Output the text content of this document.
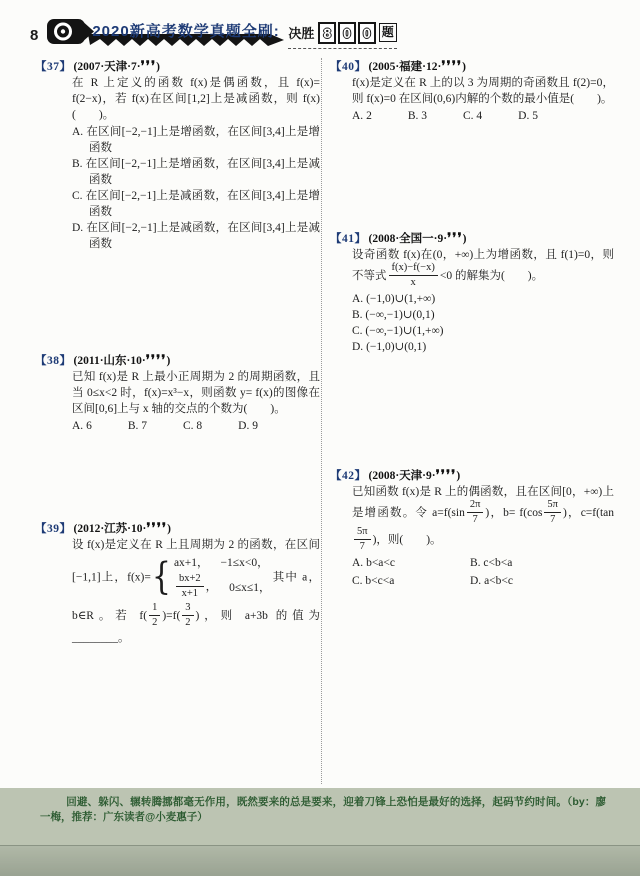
8	2020新高考数学真题全刷: 决胜 8 0 0 题
【37】 (2007·天津·7·❜❜❜)
在 R 上定义的函数 f(x)是偶函数，且 f(x)= f(2−x)，若 f(x)在区间[1,2]上是减函数，则 f(x)(　　)。
A. 在区间[−2,−1]上是增函数，在区间[3,4]上是增函数
B. 在区间[−2,−1]上是增函数，在区间[3,4]上是减函数
C. 在区间[−2,−1]上是减函数，在区间[3,4]上是增函数
D. 在区间[−2,−1]上是减函数，在区间[3,4]上是减函数
【38】 (2011·山东·10·❜❜❜❜)
已知 f(x)是 R 上最小正周期为 2 的周期函数，且当 0≤x<2 时，f(x)=x³−x，则函数 y= f(x)的图像在区间[0,6]上与 x 轴的交点的个数为(　　)。
A. 6	B. 7	C. 8	D. 9
【39】 (2012·江苏·10·❜❜❜❜)
设 f(x)是定义在 R 上且周期为 2 的函数，在区间[−1,1]上，f(x)= { ax+1， −1≤x<0，
$\frac{bx+2}{x+1}$ ， 0≤x≤1，
其中 a，b∈R。若 $f( \frac{1}{2} )=f( \frac{3}{2}$ )，则 a+3b 的值为________。
【40】 (2005·福建·12·❜❜❜❜)
f(x)是定义在 R 上的以 3 为周期的奇函数且 f(2)=0，则 f(x)=0 在区间(0,6)内解的个数的最小值是(　　)。
A. 2	B. 3	C. 4	D. 5
【41】 (2008·全国一·9·❜❜❜)
设奇函数 f(x)在(0，+∞)上为增函数，且 f(1)=0，则不等式 $\frac{f(x)-f(-x)}{x} <0$ 的解集为(　　)。
A. (−1,0)∪(1,+∞)
B. (−∞,−1)∪(0,1)
C. (−∞,−1)∪(1,+∞)
D. (−1,0)∪(0,1)
【42】 (2008·天津·9·❜❜❜❜)
已知函数 f(x)是 R 上的偶函数，且在区间[0，+∞)上是增函数。令 $a=f(\sin \frac{2\pi}{7}$ )，$b= f(\cos \frac{5\pi}{7}$ )，c=f(tan
$\frac{5\pi}{7}$ )，则(　　)。
A. b<a<c	B. c<b<a
C. b<c<a	D. a<b<c
回避、躲闪、辗转腾挪都毫无作用，既然要来的总是要来，迎着刀锋上恐怕是最好的选择，起码节约时间。（by：廖一梅，推荐：广东读者@小麦惠子）
